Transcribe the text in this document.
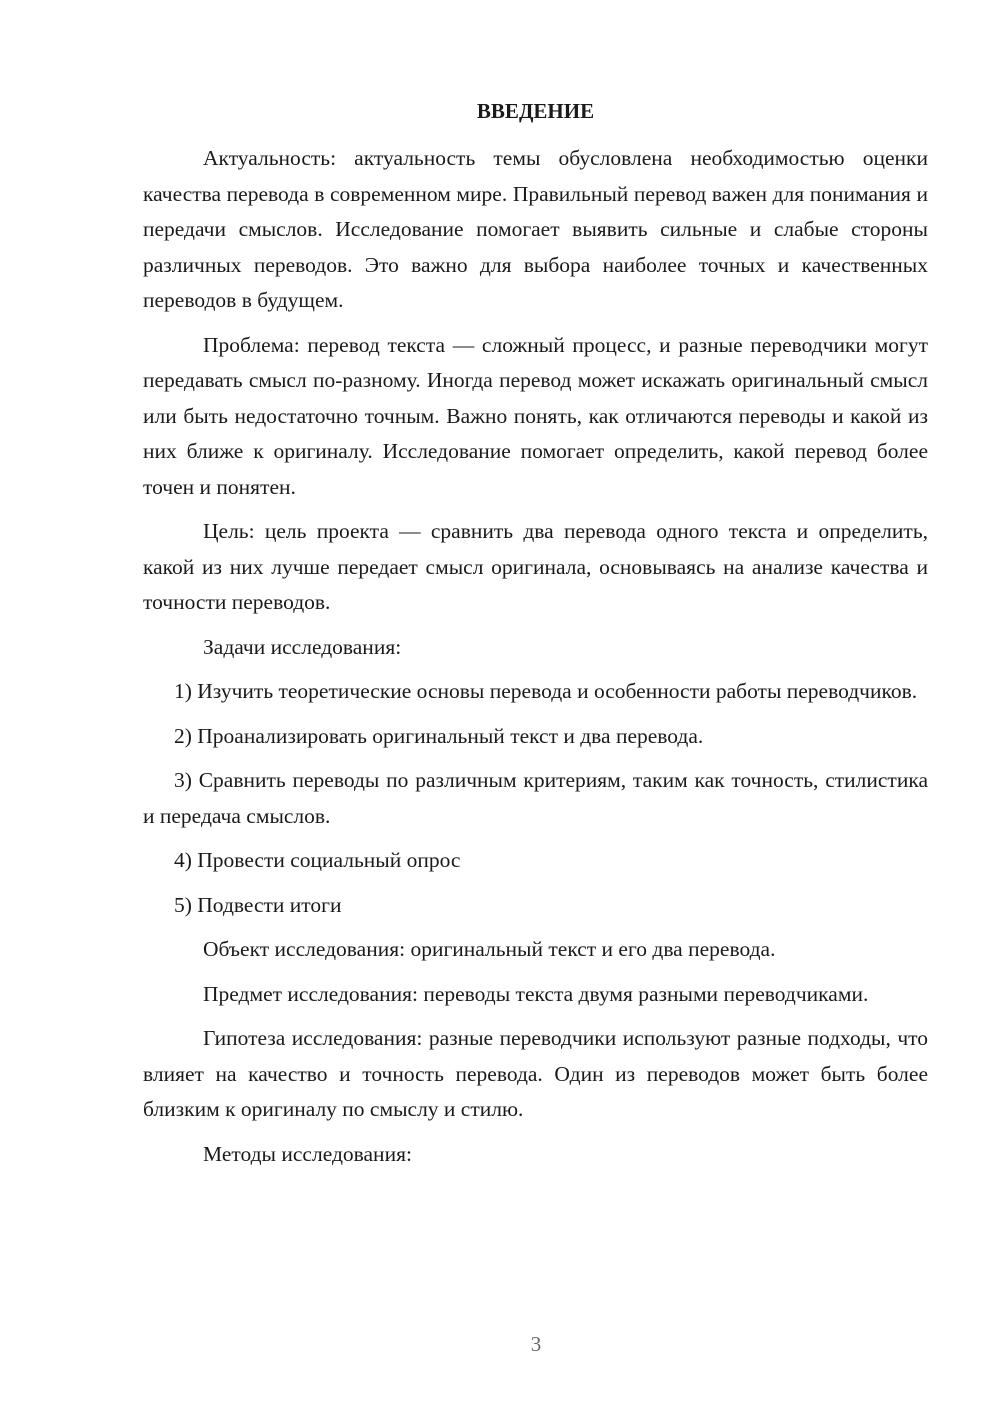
ВВЕДЕНИЕ

Актуальность: актуальность темы обусловлена необходимостью оценки качества перевода в современном мире. Правильный перевод важен для понимания и передачи смыслов. Исследование помогает выявить сильные и слабые стороны различных переводов. Это важно для выбора наиболее точных и качественных переводов в будущем.

Проблема: перевод текста — сложный процесс, и разные переводчики могут передавать смысл по-разному. Иногда перевод может искажать оригинальный смысл или быть недостаточно точным. Важно понять, как отличаются переводы и какой из них ближе к оригиналу. Исследование помогает определить, какой перевод более точен и понятен.

Цель: цель проекта — сравнить два перевода одного текста и определить, какой из них лучше передает смысл оригинала, основываясь на анализе качества и точности переводов.

Задачи исследования:

1) Изучить теоретические основы перевода и особенности работы переводчиков.

2) Проанализировать оригинальный текст и два перевода.

3) Сравнить переводы по различным критериям, таким как точность, стилистика и передача смыслов.

4) Провести социальный опрос

5) Подвести итоги

Объект исследования: оригинальный текст и его два перевода.

Предмет исследования: переводы текста двумя разными переводчиками.

Гипотеза исследования: разные переводчики используют разные подходы, что влияет на качество и точность перевода. Один из переводов может быть более близким к оригиналу по смыслу и стилю.

Методы исследования:

3
